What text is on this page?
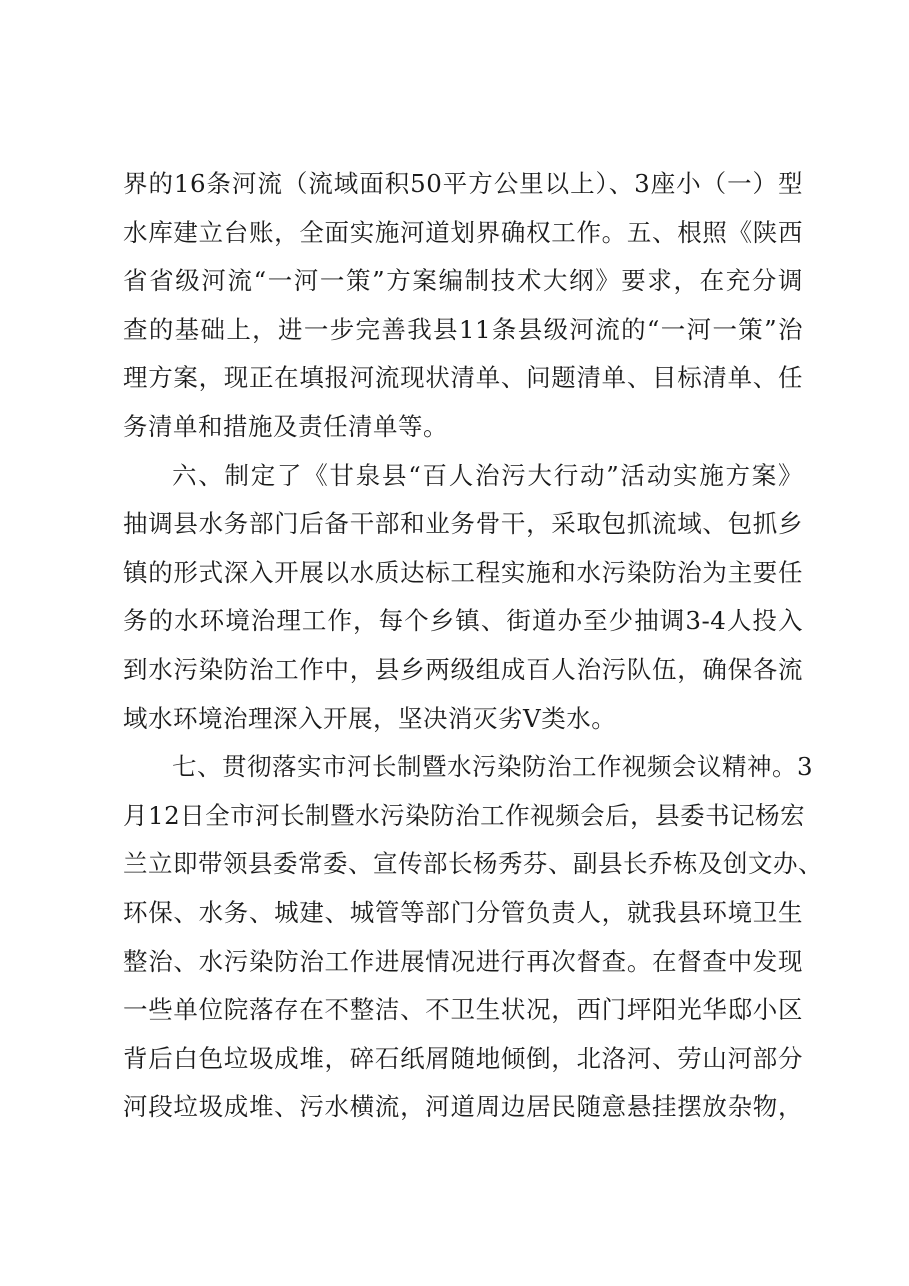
界的16条河流（流域面积50平方公里以上）、3座小（一）型
水库建立台账，全面实施河道划界确权工作。五、根照《陕西
省省级河流“一河一策”方案编制技术大纲》要求，在充分调
查的基础上，进一步完善我县11条县级河流的“一河一策”治
理方案，现正在填报河流现状清单、问题清单、目标清单、任
务清单和措施及责任清单等。
六、制定了《甘泉县“百人治污大行动”活动实施方案》
抽调县水务部门后备干部和业务骨干，采取包抓流域、包抓乡
镇的形式深入开展以水质达标工程实施和水污染防治为主要任
务的水环境治理工作，每个乡镇、街道办至少抽调3-4人投入
到水污染防治工作中，县乡两级组成百人治污队伍，确保各流
域水环境治理深入开展，坚决消灭劣V类水。
七、贯彻落实市河长制暨水污染防治工作视频会议精神。3
月12日全市河长制暨水污染防治工作视频会后，县委书记杨宏
兰立即带领县委常委、宣传部长杨秀芬、副县长乔栋及创文办、
环保、水务、城建、城管等部门分管负责人，就我县环境卫生
整治、水污染防治工作进展情况进行再次督查。在督查中发现
一些单位院落存在不整洁、不卫生状况，西门坪阳光华邸小区
背后白色垃圾成堆，碎石纸屑随地倾倒，北洛河、劳山河部分
河段垃圾成堆、污水横流，河道周边居民随意悬挂摆放杂物，
